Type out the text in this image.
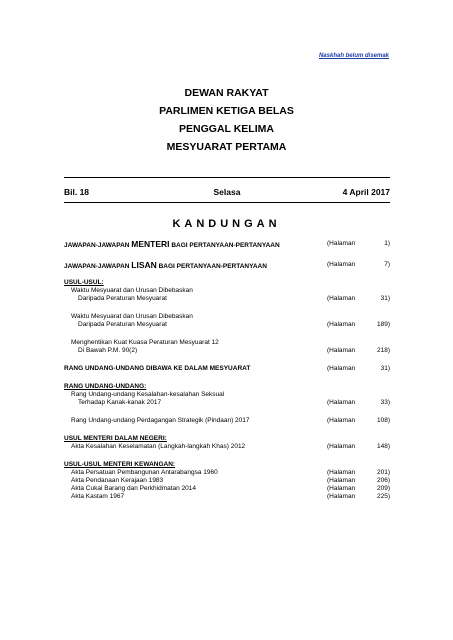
Naskhah belum disemak
DEWAN RAKYAT
PARLIMEN KETIGA BELAS
PENGGAL KELIMA
MESYUARAT PERTAMA
Bil. 18	Selasa	4 April 2017
KANDUNGAN
JAWAPAN-JAWAPAN MENTERI BAGI PERTANYAAN-PERTANYAAN	(Halaman	1)
JAWAPAN-JAWAPAN LISAN BAGI PERTANYAAN-PERTANYAAN	(Halaman	7)
USUL-USUL:
Waktu Mesyuarat dan Urusan Dibebaskan
Daripada Peraturan Mesyuarat	(Halaman	31)
Waktu Mesyuarat dan Urusan Dibebaskan
Daripada Peraturan Mesyuarat	(Halaman	189)
Menghentikan Kuat Kuasa Peraturan Mesyuarat 12
Di Bawah P.M. 90(2)	(Halaman	218)
RANG UNDANG-UNDANG DIBAWA KE DALAM MESYUARAT	(Halaman	31)
RANG UNDANG-UNDANG:
Rang Undang-undang Kesalahan-kesalahan Seksual
Terhadap Kanak-kanak 2017	(Halaman	33)
Rang Undang-undang Perdagangan Strategik (Pindaan) 2017	(Halaman	108)
USUL MENTERI DALAM NEGERI:
Akta Kesalahan Keselamatan (Langkah-langkah Khas) 2012	(Halaman	148)
USUL-USUL MENTERI KEWANGAN:
Akta Persatuan Pembangunan Antarabangsa 1960	(Halaman	201)
Akta Pendanaan Kerajaan 1983	(Halaman	206)
Akta Cukai Barang dan Perkhidmatan 2014	(Halaman	209)
Akta Kastam 1967	(Halaman	225)
